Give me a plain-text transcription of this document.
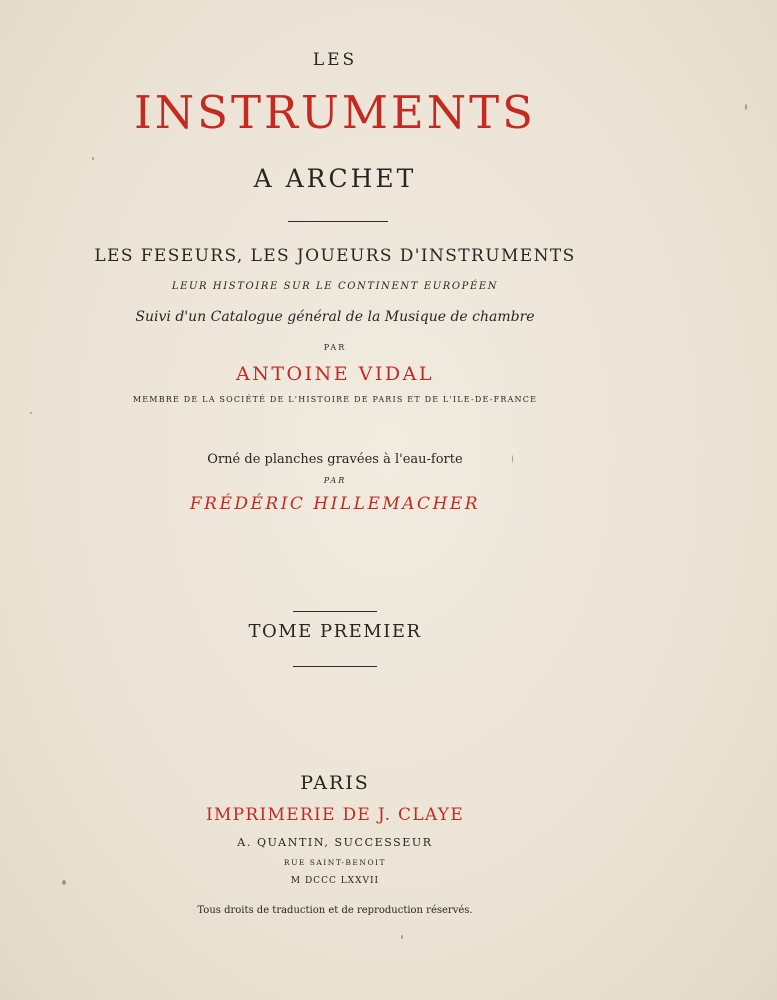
LES
INSTRUMENTS
A ARCHET
LES FESEURS, LES JOUEURS D'INSTRUMENTS
LEUR HISTOIRE SUR LE CONTINENT EUROPÉEN
Suivi d'un Catalogue général de la Musique de chambre
PAR
ANTOINE VIDAL
MEMBRE DE LA SOCIÉTÉ DE L'HISTOIRE DE PARIS ET DE L'ILE-DE-FRANCE
Orné de planches gravées à l'eau-forte
PAR
FRÉDÉRIC HILLEMACHER
TOME PREMIER
PARIS
IMPRIMERIE DE J. CLAYE
A. QUANTIN, SUCCESSEUR
RUE SAINT-BENOIT
M DCCC LXXVII
Tous droits de traduction et de reproduction réservés.
